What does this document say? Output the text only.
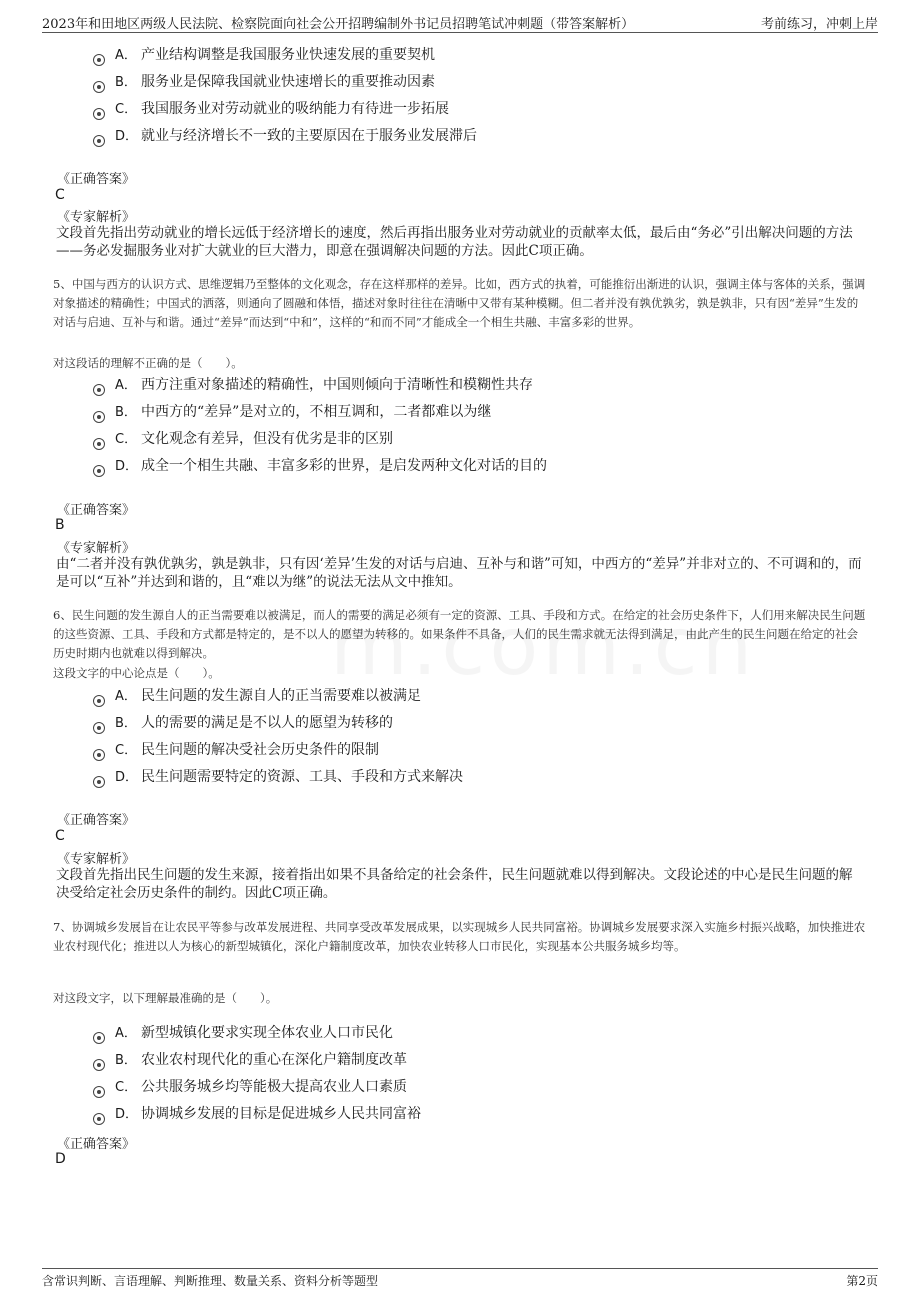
2023年和田地区两级人民法院、检察院面向社会公开招聘编制外书记员招聘笔试冲刺题（带答案解析）	考前练习，冲刺上岸
A． 产业结构调整是我国服务业快速发展的重要契机
B． 服务业是保障我国就业快速增长的重要推动因素
C． 我国服务业对劳动就业的吸纳能力有待进一步拓展
D． 就业与经济增长不一致的主要原因在于服务业发展滞后
《正确答案》
C
《专家解析》
文段首先指出劳动就业的增长远低于经济增长的速度，然后再指出服务业对劳动就业的贡献率太低，最后由“务必”引出解决问题的方法——务必发掘服务业对扩大就业的巨大潜力，即意在强调解决问题的方法。因此C项正确。
5、中国与西方的认识方式、思维逻辑乃至整体的文化观念，存在这样那样的差异。比如，西方式的执着，可能推衍出渐进的认识，强调主体与客体的关系，强调对象描述的精确性；中国式的洒落，则通向了圆融和体悟，描述对象时往往在清晰中又带有某种模糊。但二者并没有孰优孰劣，孰是孰非，只有因“差异”生发的对话与启迪、互补与和谐。通过“差异”而达到“中和”，这样的“和而不同”才能成全一个相生共融、丰富多彩的世界。
对这段话的理解不正确的是（　　）。
A． 西方注重对象描述的精确性，中国则倾向于清晰性和模糊性共存
B． 中西方的“差异”是对立的，不相互调和，二者都难以为继
C． 文化观念有差异，但没有优劣是非的区别
D． 成全一个相生共融、丰富多彩的世界，是启发两种文化对话的目的
《正确答案》
B
《专家解析》
由“二者并没有孰优孰劣，孰是孰非，只有因‘差异’生发的对话与启迪、互补与和谐”可知，中西方的“差异”并非对立的、不可调和的，而是可以“互补”并达到和谐的，且“难以为继”的说法无法从文中推知。
6、民生问题的发生源自人的正当需要难以被满足，而人的需要的满足必须有一定的资源、工具、手段和方式。在给定的社会历史条件下，人们用来解决民生问题的这些资源、工具、手段和方式都是特定的，是不以人的愿望为转移的。如果条件不具备，人们的民生需求就无法得到满足，由此产生的民生问题在给定的社会历史时期内也就难以得到解决。
这段文字的中心论点是（　　）。
A． 民生问题的发生源自人的正当需要难以被满足
B． 人的需要的满足是不以人的愿望为转移的
C． 民生问题的解决受社会历史条件的限制
D． 民生问题需要特定的资源、工具、手段和方式来解决
《正确答案》
C
《专家解析》
文段首先指出民生问题的发生来源，接着指出如果不具备给定的社会条件，民生问题就难以得到解决。文段论述的中心是民生问题的解决受给定社会历史条件的制约。因此C项正确。
7、协调城乡发展旨在让农民平等参与改革发展进程、共同享受改革发展成果，以实现城乡人民共同富裕。协调城乡发展要求深入实施乡村振兴战略，加快推进农业农村现代化；推进以人为核心的新型城镇化，深化户籍制度改革，加快农业转移人口市民化，实现基本公共服务城乡均等。
对这段文字，以下理解最准确的是（　　）。
A． 新型城镇化要求实现全体农业人口市民化
B． 农业农村现代化的重心在深化户籍制度改革
C． 公共服务城乡均等能极大提高农业人口素质
D． 协调城乡发展的目标是促进城乡人民共同富裕
《正确答案》
D
含常识判断、言语理解、判断推理、数量关系、资料分析等题型	第2页
